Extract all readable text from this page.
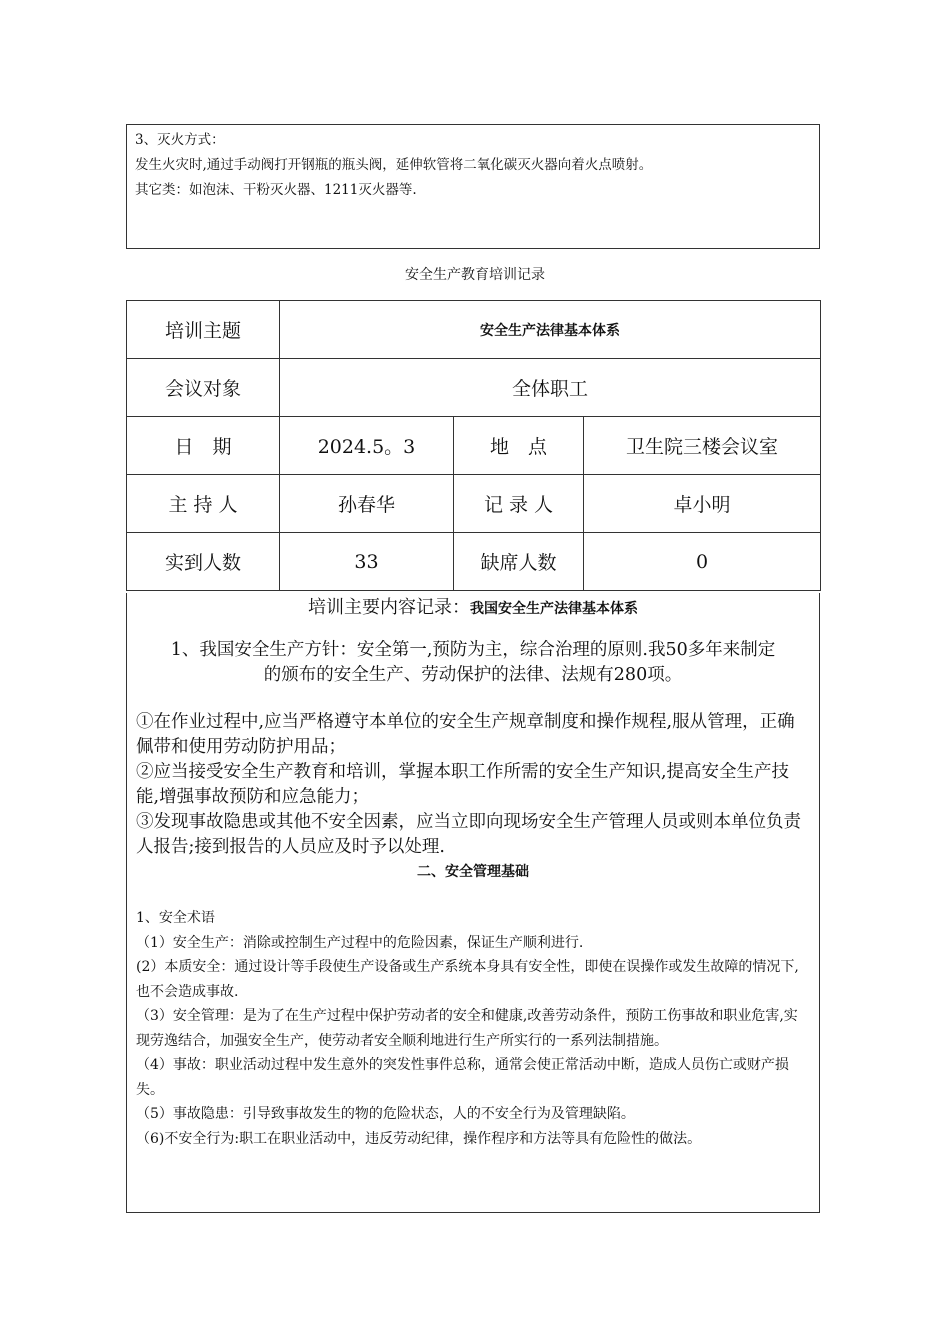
3、灭火方式：

发生火灾时,通过手动阀打开钢瓶的瓶头阀，延伸软管将二氧化碳灭火器向着火点喷射。

其它类：如泡沫、干粉灭火器、1211灭火器等.

安全生产教育培训记录
培训主题	安全生产法律基本体系		
会议对象	全体职工		
日　期	2024.5。3	地　点	卫生院三楼会议室
主 持 人	孙春华	记 录 人	卓小明
实到人数	33	缺席人数	0

培训主要内容记录：我国安全生产法律基本体系

1、我国安全生产方针：安全第一,预防为主，综合治理的原则.我50多年来制定

的颁布的安全生产、劳动保护的法律、法规有280项。

①在作业过程中,应当严格遵守本单位的安全生产规章制度和操作规程,服从管理，正确佩带和使用劳动防护用品；

②应当接受安全生产教育和培训，掌握本职工作所需的安全生产知识,提高安全生产技能,增强事故预防和应急能力；

③发现事故隐患或其他不安全因素，应当立即向现场安全生产管理人员或则本单位负责人报告;接到报告的人员应及时予以处理.

二、安全管理基础

1、安全术语

（1）安全生产：消除或控制生产过程中的危险因素，保证生产顺利进行.

(2）本质安全：通过设计等手段使生产设备或生产系统本身具有安全性，即使在误操作或发生故障的情况下,也不会造成事故.

（3）安全管理：是为了在生产过程中保护劳动者的安全和健康,改善劳动条件，预防工伤事故和职业危害,实现劳逸结合，加强安全生产，使劳动者安全顺利地进行生产所实行的一系列法制措施。

（4）事故：职业活动过程中发生意外的突发性事件总称，通常会使正常活动中断，造成人员伤亡或财产损失。

（5）事故隐患：引导致事故发生的物的危险状态，人的不安全行为及管理缺陷。

（6)不安全行为:职工在职业活动中，违反劳动纪律，操作程序和方法等具有危险性的做法。
